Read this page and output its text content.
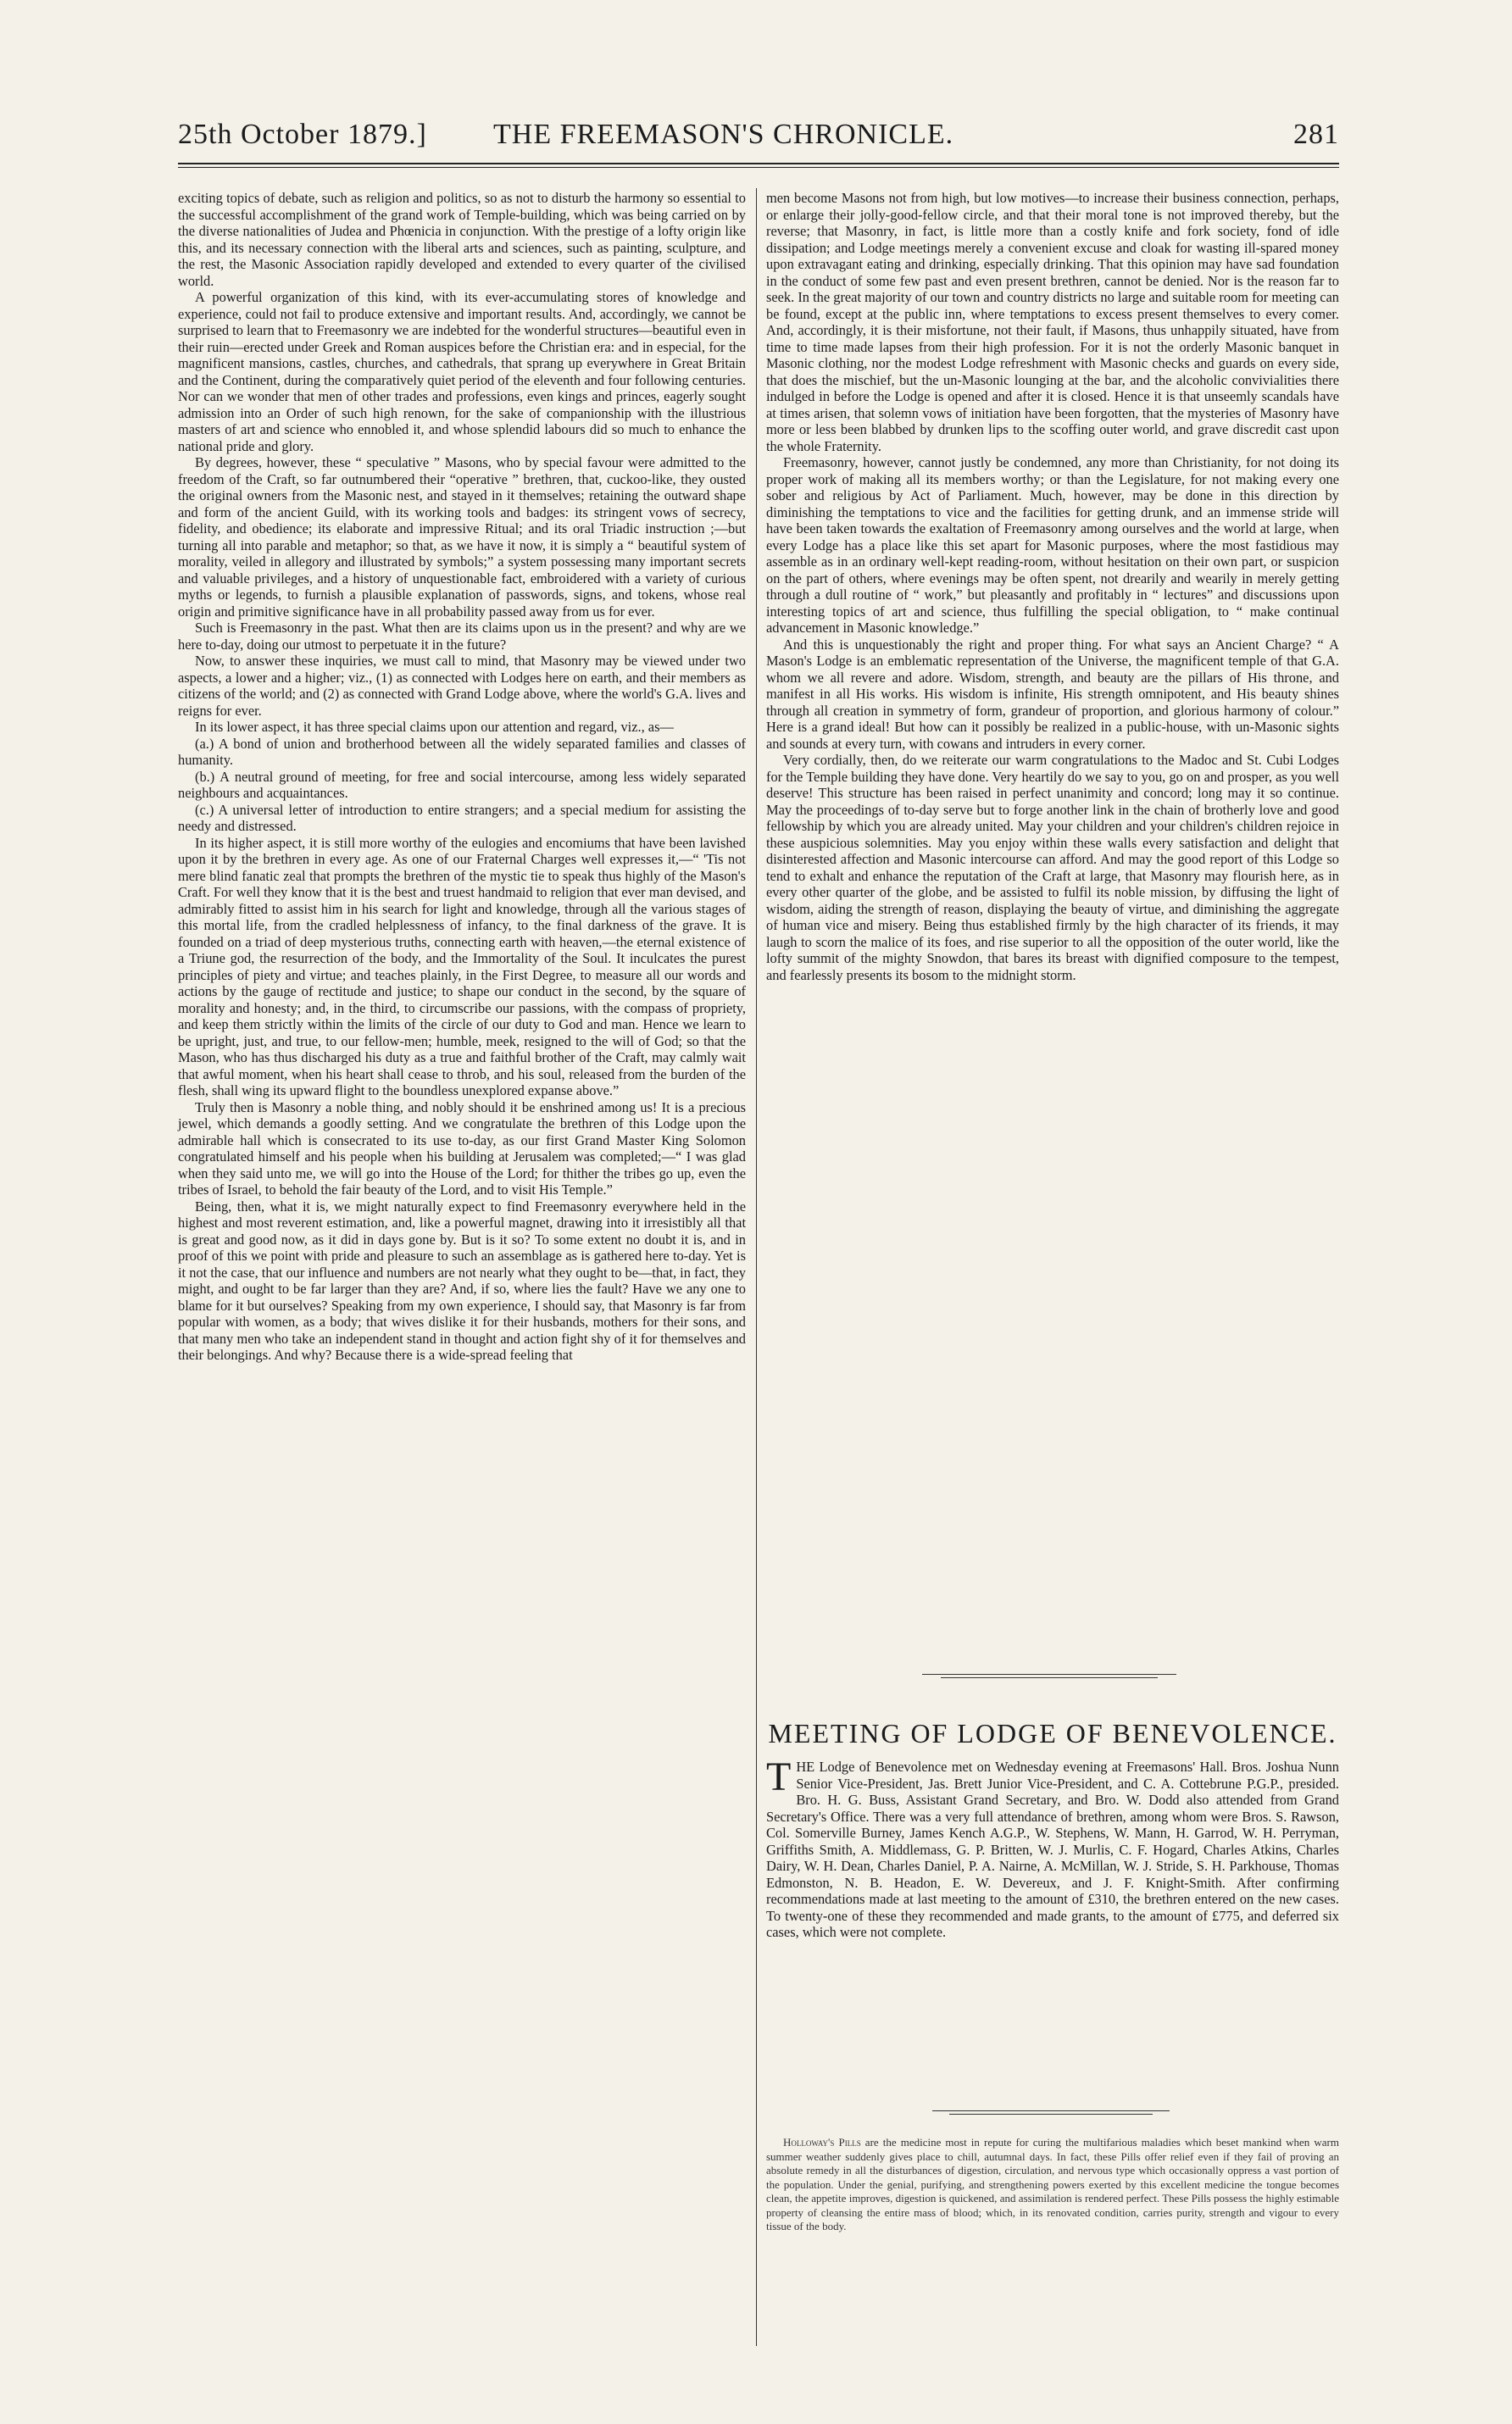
25th October 1879.] THE FREEMASON'S CHRONICLE.	281

exciting topics of debate, such as religion and politics, so as not to disturb the harmony so essential to the successful accomplishment of the grand work of Temple-building, which was being carried on by the diverse nationalities of Judea and Phœnicia in conjunction. With the prestige of a lofty origin like this, and its necessary connection with the liberal arts and sciences, such as painting, sculpture, and the rest, the Masonic Association rapidly developed and extended to every quarter of the civilised world.

A powerful organization of this kind, with its ever-accumulating stores of knowledge and experience, could not fail to produce extensive and important results. And, accordingly, we cannot be surprised to learn that to Freemasonry we are indebted for the wonderful structures—beautiful even in their ruin—erected under Greek and Roman auspices before the Christian era: and in especial, for the magnificent mansions, castles, churches, and cathedrals, that sprang up everywhere in Great Britain and the Continent, during the comparatively quiet period of the eleventh and four following centuries. Nor can we wonder that men of other trades and professions, even kings and princes, eagerly sought admission into an Order of such high renown, for the sake of companionship with the illustrious masters of art and science who ennobled it, and whose splendid labours did so much to enhance the national pride and glory.

By degrees, however, these “ speculative ” Masons, who by special favour were admitted to the freedom of the Craft, so far outnumbered their “operative ” brethren, that, cuckoo-like, they ousted the original owners from the Masonic nest, and stayed in it themselves; retaining the outward shape and form of the ancient Guild, with its working tools and badges: its stringent vows of secrecy, fidelity, and obedience; its elaborate and impressive Ritual; and its oral Triadic instruction ;—but turning all into parable and metaphor; so that, as we have it now, it is simply a “ beautiful system of morality, veiled in allegory and illustrated by symbols;” a system possessing many important secrets and valuable privileges, and a history of unquestionable fact, embroidered with a variety of curious myths or legends, to furnish a plausible explanation of passwords, signs, and tokens, whose real origin and primitive significance have in all probability passed away from us for ever.

Such is Freemasonry in the past. What then are its claims upon us in the present? and why are we here to-day, doing our utmost to perpetuate it in the future?

Now, to answer these inquiries, we must call to mind, that Masonry may be viewed under two aspects, a lower and a higher; viz., (1) as connected with Lodges here on earth, and their members as citizens of the world; and (2) as connected with Grand Lodge above, where the world's G.A. lives and reigns for ever.

In its lower aspect, it has three special claims upon our attention and regard, viz., as—

(a.) A bond of union and brotherhood between all the widely separated families and classes of humanity.

(b.) A neutral ground of meeting, for free and social intercourse, among less widely separated neighbours and acquaintances.

(c.) A universal letter of introduction to entire strangers; and a special medium for assisting the needy and distressed.

In its higher aspect, it is still more worthy of the eulogies and encomiums that have been lavished upon it by the brethren in every age. As one of our Fraternal Charges well expresses it,—“ 'Tis not mere blind fanatic zeal that prompts the brethren of the mystic tie to speak thus highly of the Mason's Craft. For well they know that it is the best and truest handmaid to religion that ever man devised, and admirably fitted to assist him in his search for light and knowledge, through all the various stages of this mortal life, from the cradled helplessness of infancy, to the final darkness of the grave. It is founded on a triad of deep mysterious truths, connecting earth with heaven,—the eternal existence of a Triune god, the resurrection of the body, and the Immortality of the Soul. It inculcates the purest principles of piety and virtue; and teaches plainly, in the First Degree, to measure all our words and actions by the gauge of rectitude and justice; to shape our conduct in the second, by the square of morality and honesty; and, in the third, to circumscribe our passions, with the compass of propriety, and keep them strictly within the limits of the circle of our duty to God and man. Hence we learn to be upright, just, and true, to our fellow-men; humble, meek, resigned to the will of God; so that the Mason, who has thus discharged his duty as a true and faithful brother of the Craft, may calmly wait that awful moment, when his heart shall cease to throb, and his soul, released from the burden of the flesh, shall wing its upward flight to the boundless unexplored expanse above.”

Truly then is Masonry a noble thing, and nobly should it be enshrined among us! It is a precious jewel, which demands a goodly setting. And we congratulate the brethren of this Lodge upon the admirable hall which is consecrated to its use to-day, as our first Grand Master King Solomon congratulated himself and his people when his building at Jerusalem was completed;—“ I was glad when they said unto me, we will go into the House of the Lord; for thither the tribes go up, even the tribes of Israel, to behold the fair beauty of the Lord, and to visit His Temple.”

Being, then, what it is, we might naturally expect to find Freemasonry everywhere held in the highest and most reverent estimation, and, like a powerful magnet, drawing into it irresistibly all that is great and good now, as it did in days gone by. But is it so? To some extent no doubt it is, and in proof of this we point with pride and pleasure to such an assemblage as is gathered here to-day. Yet is it not the case, that our influence and numbers are not nearly what they ought to be—that, in fact, they might, and ought to be far larger than they are? And, if so, where lies the fault? Have we any one to blame for it but ourselves? Speaking from my own experience, I should say, that Masonry is far from popular with women, as a body; that wives dislike it for their husbands, mothers for their sons, and that many men who take an independent stand in thought and action fight shy of it for themselves and their belongings. And why? Because there is a wide-spread feeling that

men become Masons not from high, but low motives—to increase their business connection, perhaps, or enlarge their jolly-good-fellow circle, and that their moral tone is not improved thereby, but the reverse; that Masonry, in fact, is little more than a costly knife and fork society, fond of idle dissipation; and Lodge meetings merely a convenient excuse and cloak for wasting ill-spared money upon extravagant eating and drinking, especially drinking. That this opinion may have sad foundation in the conduct of some few past and even present brethren, cannot be denied. Nor is the reason far to seek. In the great majority of our town and country districts no large and suitable room for meeting can be found, except at the public inn, where temptations to excess present themselves to every comer. And, accordingly, it is their misfortune, not their fault, if Masons, thus unhappily situated, have from time to time made lapses from their high profession. For it is not the orderly Masonic banquet in Masonic clothing, nor the modest Lodge refreshment with Masonic checks and guards on every side, that does the mischief, but the un-Masonic lounging at the bar, and the alcoholic convivialities there indulged in before the Lodge is opened and after it is closed. Hence it is that unseemly scandals have at times arisen, that solemn vows of initiation have been forgotten, that the mysteries of Masonry have more or less been blabbed by drunken lips to the scoffing outer world, and grave discredit cast upon the whole Fraternity.

Freemasonry, however, cannot justly be condemned, any more than Christianity, for not doing its proper work of making all its members worthy; or than the Legislature, for not making every one sober and religious by Act of Parliament. Much, however, may be done in this direction by diminishing the temptations to vice and the facilities for getting drunk, and an immense stride will have been taken towards the exaltation of Freemasonry among ourselves and the world at large, when every Lodge has a place like this set apart for Masonic purposes, where the most fastidious may assemble as in an ordinary well-kept reading-room, without hesitation on their own part, or suspicion on the part of others, where evenings may be often spent, not drearily and wearily in merely getting through a dull routine of “ work,” but pleasantly and profitably in “ lectures” and discussions upon interesting topics of art and science, thus fulfilling the special obligation, to “ make continual advancement in Masonic knowledge.”

And this is unquestionably the right and proper thing. For what says an Ancient Charge? “ A Mason's Lodge is an emblematic representation of the Universe, the magnificent temple of that G.A. whom we all revere and adore. Wisdom, strength, and beauty are the pillars of His throne, and manifest in all His works. His wisdom is infinite, His strength omnipotent, and His beauty shines through all creation in symmetry of form, grandeur of proportion, and glorious harmony of colour.” Here is a grand ideal! But how can it possibly be realized in a public-house, with un-Masonic sights and sounds at every turn, with cowans and intruders in every corner.

Very cordially, then, do we reiterate our warm congratulations to the Madoc and St. Cubi Lodges for the Temple building they have done. Very heartily do we say to you, go on and prosper, as you well deserve! This structure has been raised in perfect unanimity and concord; long may it so continue. May the proceedings of to-day serve but to forge another link in the chain of brotherly love and good fellowship by which you are already united. May your children and your children's children rejoice in these auspicious solemnities. May you enjoy within these walls every satisfaction and delight that disinterested affection and Masonic intercourse can afford. And may the good report of this Lodge so tend to exhalt and enhance the reputation of the Craft at large, that Masonry may flourish here, as in every other quarter of the globe, and be assisted to fulfil its noble mission, by diffusing the light of wisdom, aiding the strength of reason, displaying the beauty of virtue, and diminishing the aggregate of human vice and misery. Being thus established firmly by the high character of its friends, it may laugh to scorn the malice of its foes, and rise superior to all the opposition of the outer world, like the lofty summit of the mighty Snowdon, that bares its breast with dignified composure to the tempest, and fearlessly presents its bosom to the midnight storm.

MEETING OF LODGE OF BENEVOLENCE.

THE Lodge of Benevolence met on Wednesday evening at Freemasons' Hall. Bros. Joshua Nunn Senior Vice-President, Jas. Brett Junior Vice-President, and C. A. Cottebrune P.G.P., presided. Bro. H. G. Buss, Assistant Grand Secretary, and Bro. W. Dodd also attended from Grand Secretary's Office. There was a very full attendance of brethren, among whom were Bros. S. Rawson, Col. Somerville Burney, James Kench A.G.P., W. Stephens, W. Mann, H. Garrod, W. H. Perryman, Griffiths Smith, A. Middlemass, G. P. Britten, W. J. Murlis, C. F. Hogard, Charles Atkins, Charles Dairy, W. H. Dean, Charles Daniel, P. A. Nairne, A. McMillan, W. J. Stride, S. H. Parkhouse, Thomas Edmonston, N. B. Headon, E. W. Devereux, and J. F. Knight-Smith. After confirming recommendations made at last meeting to the amount of £310, the brethren entered on the new cases. To twenty-one of these they recommended and made grants, to the amount of £775, and deferred six cases, which were not complete.

Holloway's Pills are the medicine most in repute for curing the multifarious maladies which beset mankind when warm summer weather suddenly gives place to chill, autumnal days. In fact, these Pills offer relief even if they fail of proving an absolute remedy in all the disturbances of digestion, circulation, and nervous type which occasionally oppress a vast portion of the population. Under the genial, purifying, and strengthening powers exerted by this excellent medicine the tongue becomes clean, the appetite improves, digestion is quickened, and assimilation is rendered perfect. These Pills possess the highly estimable property of cleansing the entire mass of blood; which, in its renovated condition, carries purity, strength and vigour to every tissue of the body.
